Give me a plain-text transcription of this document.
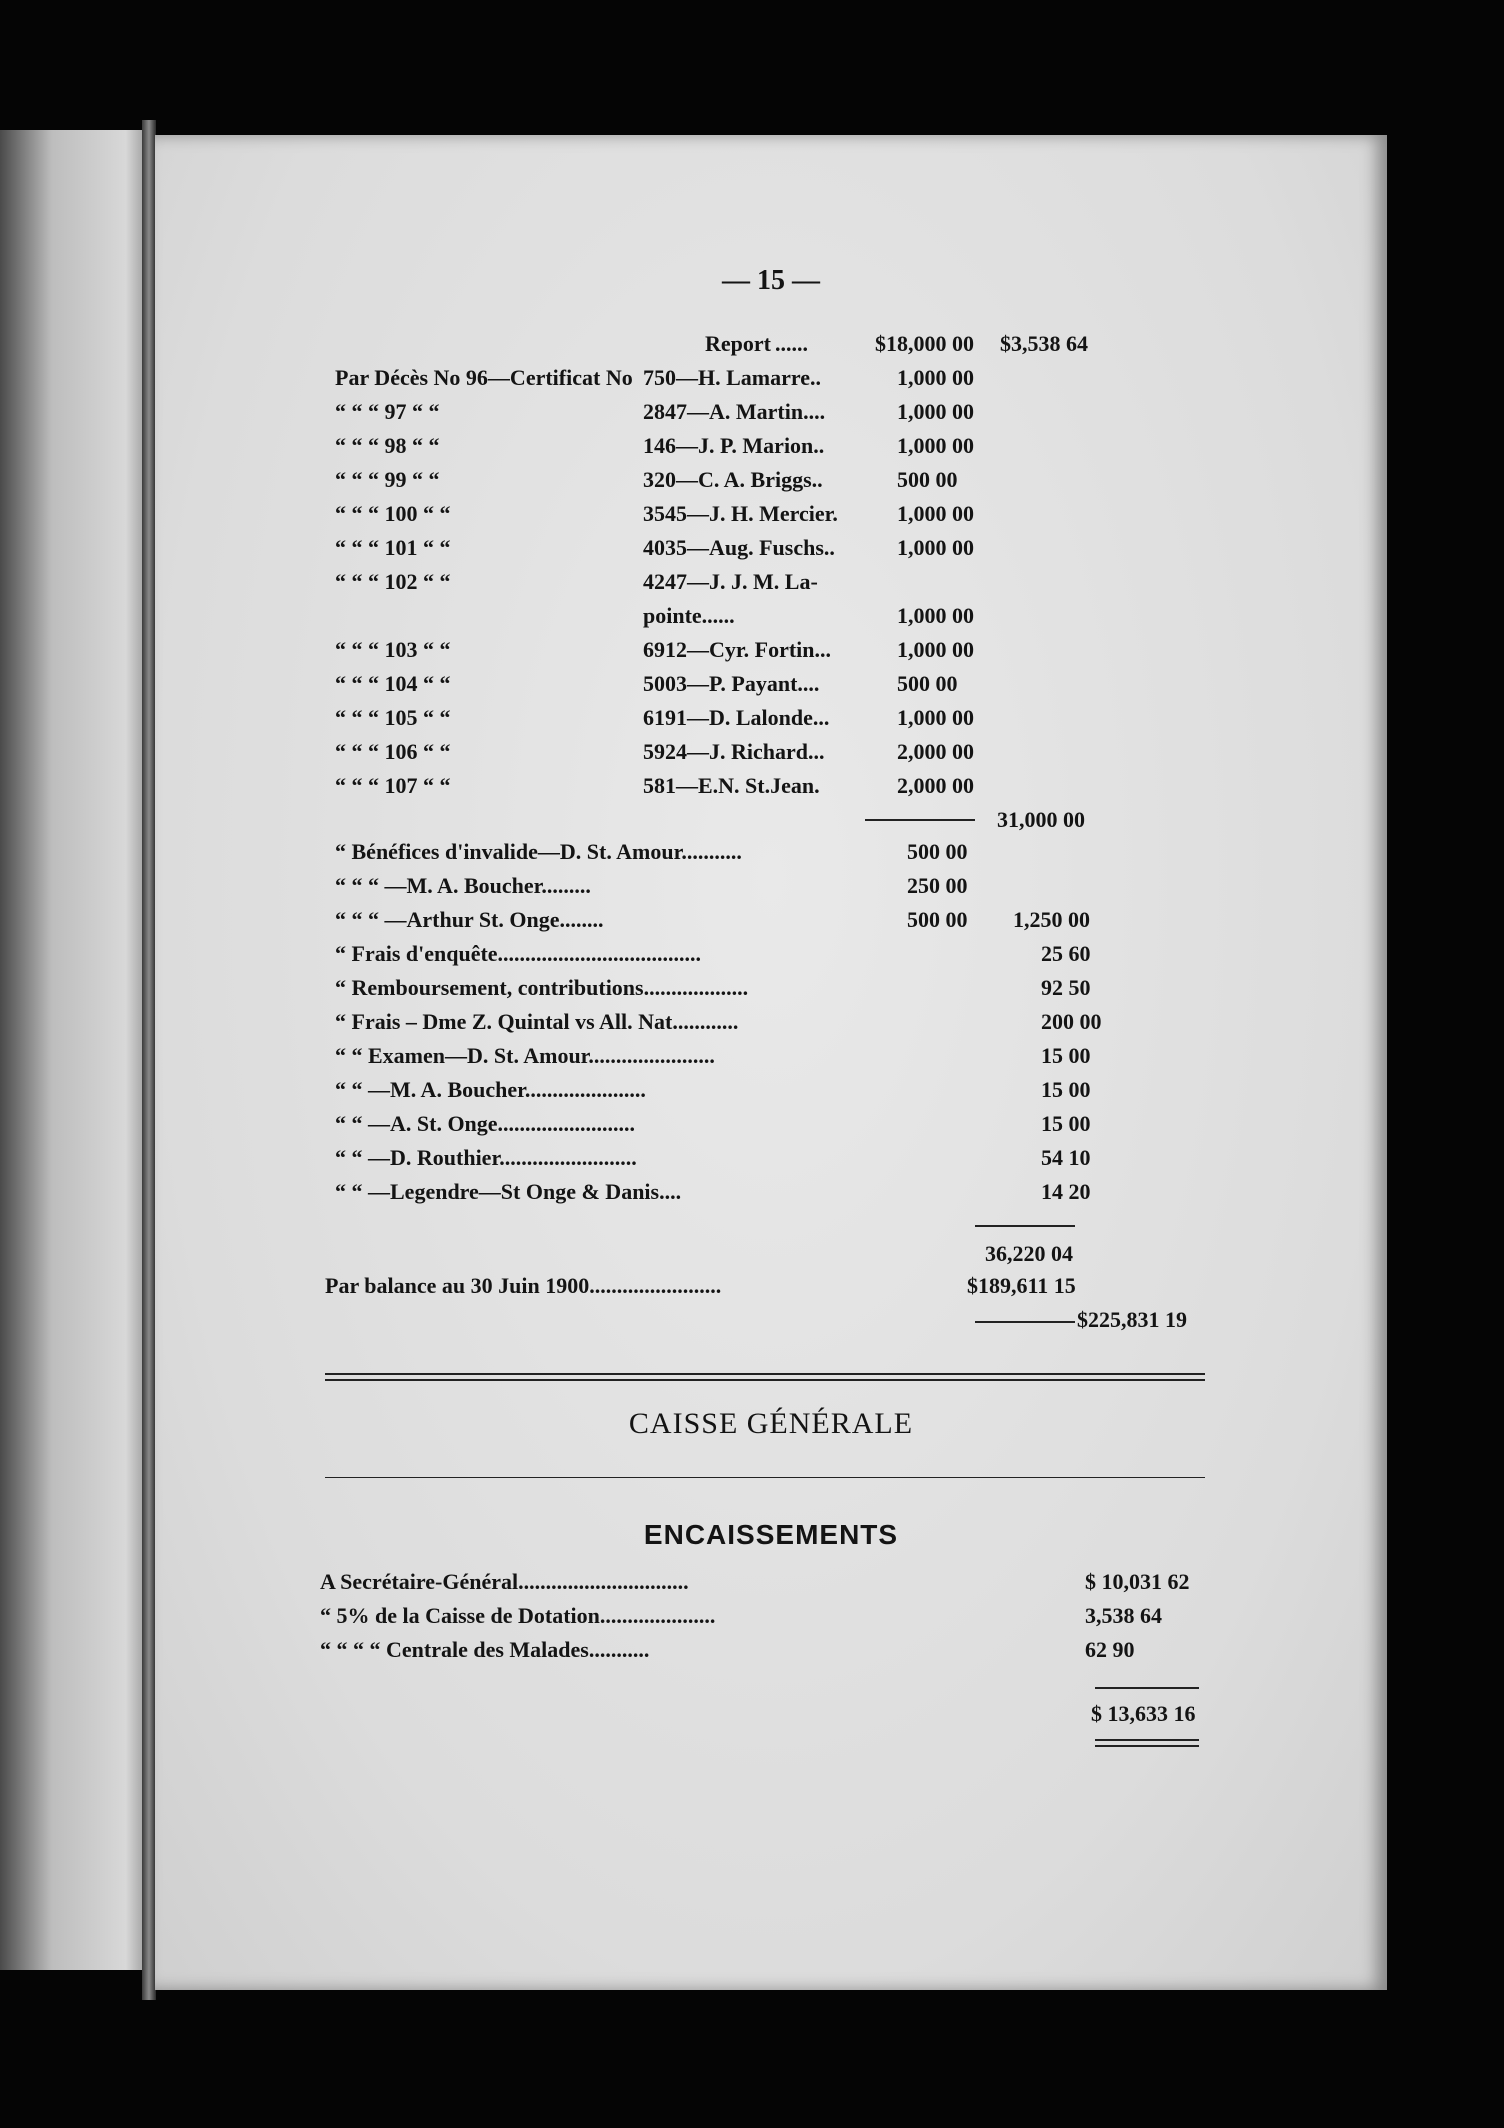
— 15 —
Report ......	$18,000 00 $3,538 64
Par Décès No 96—Certificat No 750—H. Lamarre..	1,000 00
“ “ “ 97 “ “	2847—A. Martin....	1,000 00
“ “ “ 98 “ “	146—J. P. Marion..	1,000 00
“ “ “ 99 “ “	320—C. A. Briggs..	500 00
“ “ “ 100 “ “	3545—J. H. Mercier.	1,000 00
“ “ “ 101 “ “	4035—Aug. Fuschs..	1,000 00
“ “ “ 102 “ “	4247—J. J. M. La-
pointe......	1,000 00
“ “ “ 103 “ “	6912—Cyr. Fortin...	1,000 00
“ “ “ 104 “ “	5003—P. Payant....	500 00
“ “ “ 105 “ “	6191—D. Lalonde...	1,000 00
“ “ “ 106 “ “	5924—J. Richard...	2,000 00
“ “ “ 107 “ “	581—E.N. St.Jean.	2,000 00
31,000 00
“ Bénéfices d'invalide—D. St. Amour...........	500 00
“ “ “ —M. A. Boucher.........	250 00
“ “ “ —Arthur St. Onge........	500 00 1,250 00
“ Frais d'enquête.....................................	25 60
“ Remboursement, contributions...................	92 50
“ Frais – Dme Z. Quintal vs All. Nat............	200 00
“ “ Examen—D. St. Amour.......................	15 00
“ “ —M. A. Boucher......................	15 00
“ “ —A. St. Onge.........................	15 00
“ “ —D. Routhier.........................	54 10
“ “ —Legendre—St Onge & Danis....	14 20
36,220 04
Par balance au 30 Juin 1900........................	$189,611 15
$225,831 19
CAISSE GÉNÉRALE
ENCAISSEMENTS
A Secrétaire-Général...............................	$ 10,031 62
“ 5% de la Caisse de Dotation.....................	3,538 64
“ “ “ “ Centrale des Malades...........	62 90
$ 13,633 16
